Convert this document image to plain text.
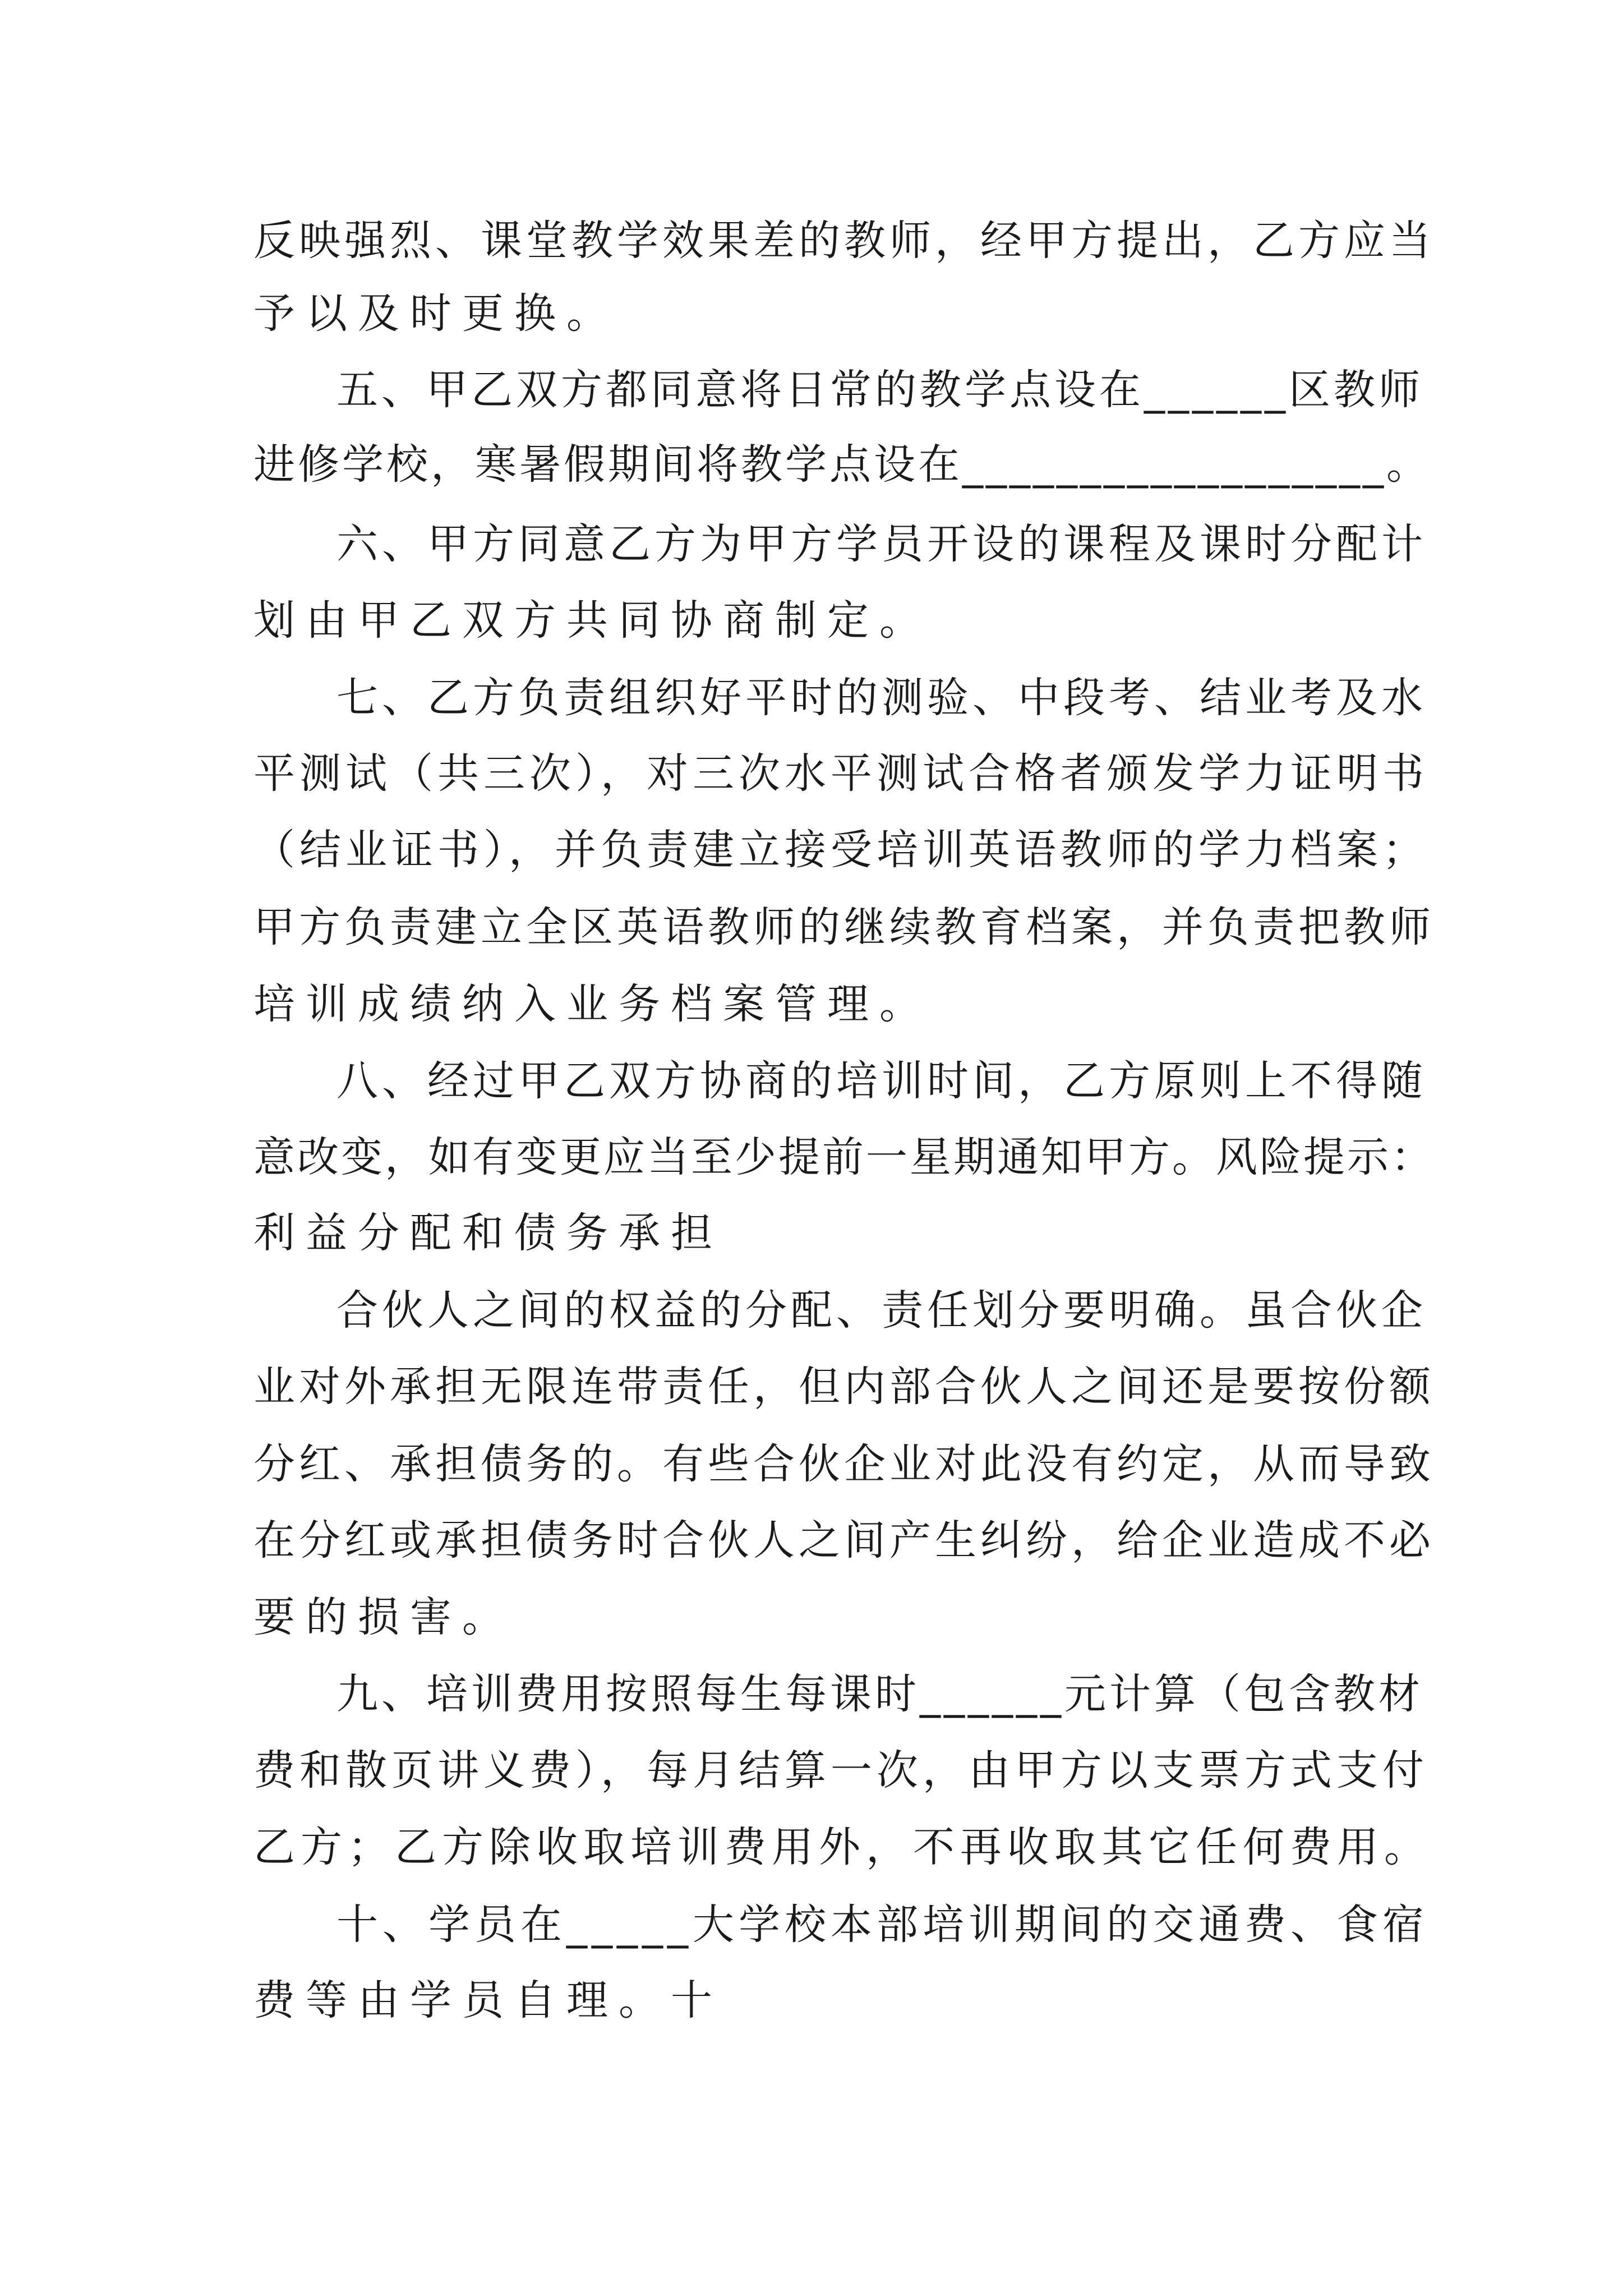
反映强烈、课堂教学效果差的教师，经甲方提出，乙方应当

予以及时更换。

五、甲乙双方都同意将日常的教学点设在______区教师

进修学校，寒暑假期间将教学点设在__________________。

六、甲方同意乙方为甲方学员开设的课程及课时分配计

划由甲乙双方共同协商制定。

七、乙方负责组织好平时的测验、中段考、结业考及水

平测试（共三次），对三次水平测试合格者颁发学力证明书

（结业证书），并负责建立接受培训英语教师的学力档案；

甲方负责建立全区英语教师的继续教育档案，并负责把教师

培训成绩纳入业务档案管理。

八、经过甲乙双方协商的培训时间，乙方原则上不得随

意改变，如有变更应当至少提前一星期通知甲方。风险提示：

利益分配和债务承担

合伙人之间的权益的分配、责任划分要明确。虽合伙企

业对外承担无限连带责任，但内部合伙人之间还是要按份额

分红、承担债务的。有些合伙企业对此没有约定，从而导致

在分红或承担债务时合伙人之间产生纠纷，给企业造成不必

要的损害。

九、培训费用按照每生每课时______元计算（包含教材

费和散页讲义费），每月结算一次，由甲方以支票方式支付

乙方；乙方除收取培训费用外，不再收取其它任何费用。

十、学员在_____大学校本部培训期间的交通费、食宿

费等由学员自理。十
